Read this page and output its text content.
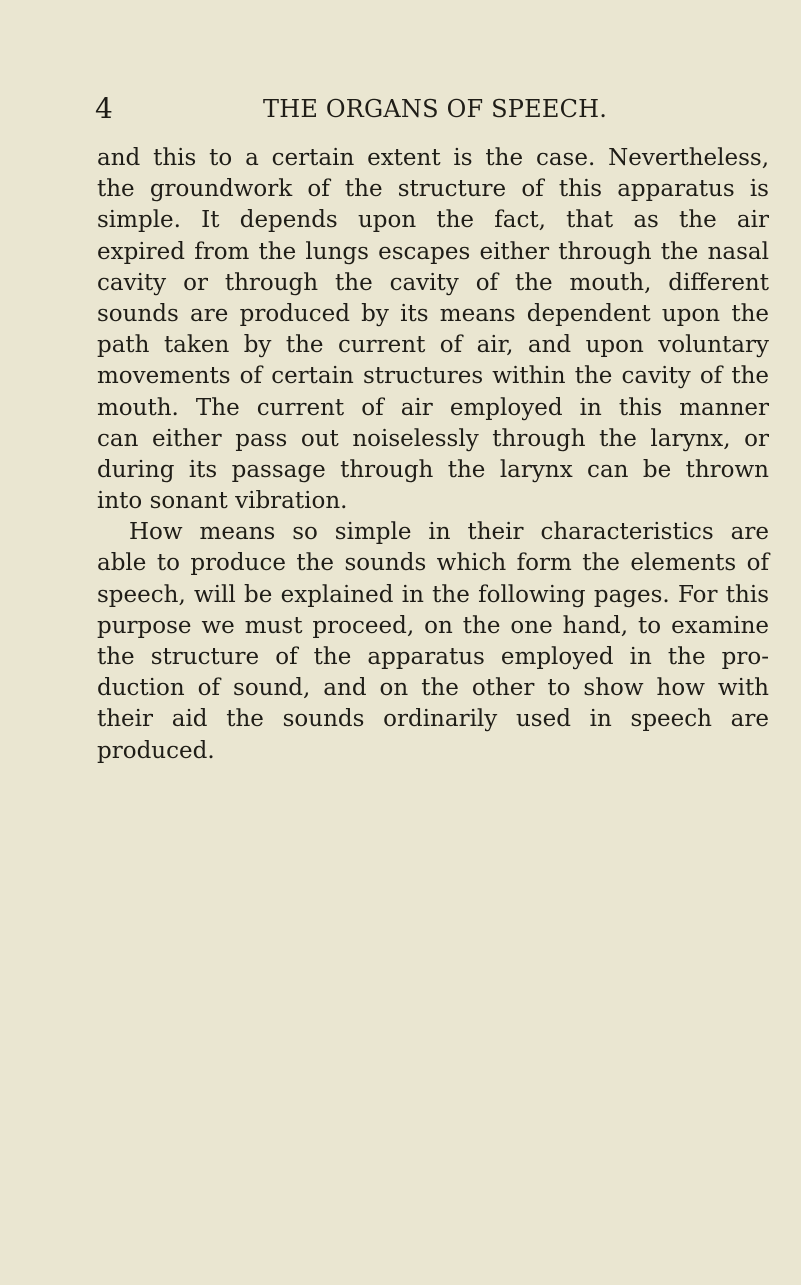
4	THE ORGANS OF SPEECH.
and this to a certain extent is the case. Nevertheless,
the groundwork of the structure of this apparatus is
simple. It depends upon the fact, that as the air
expired from the lungs escapes either through the nasal
cavity or through the cavity of the mouth, different
sounds are produced by its means dependent upon the
path taken by the current of air, and upon voluntary
movements of certain structures within the cavity of the
mouth. The current of air employed in this manner
can either pass out noiselessly through the larynx, or
during its passage through the larynx can be thrown
into sonant vibration.
How means so simple in their characteristics are
able to produce the sounds which form the elements of
speech, will be explained in the following pages. For this
purpose we must proceed, on the one hand, to examine
the structure of the apparatus employed in the pro-
duction of sound, and on the other to show how with
their aid the sounds ordinarily used in speech are
produced.
